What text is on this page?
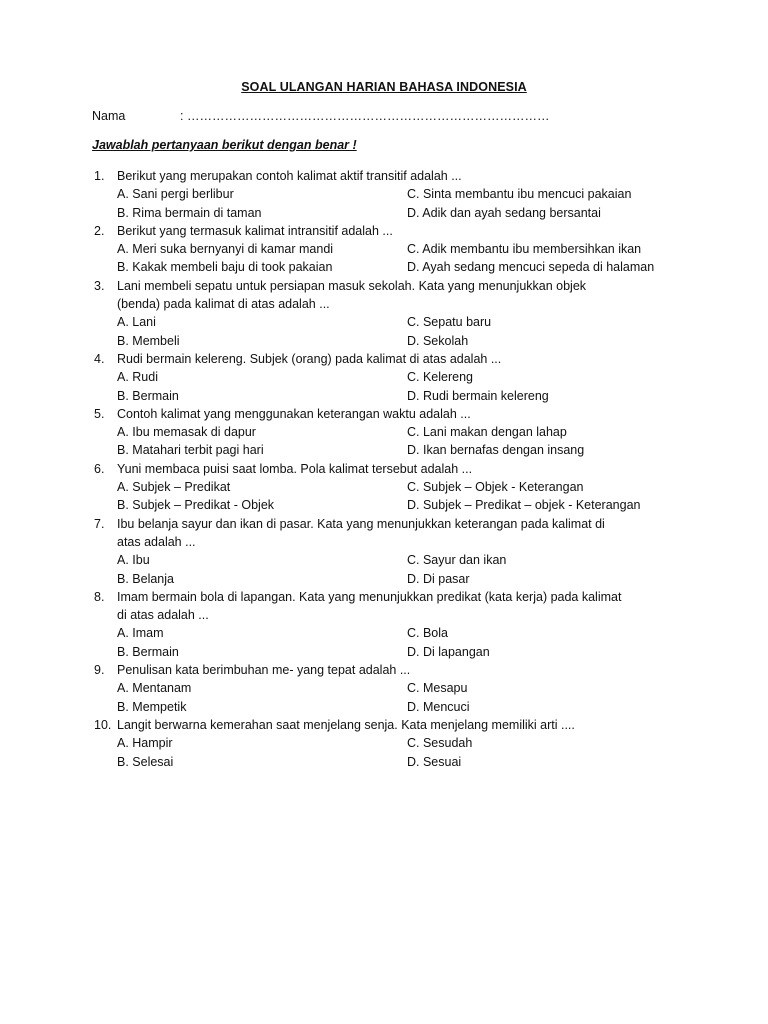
SOAL ULANGAN HARIAN BAHASA INDONESIA
Nama	: ……………………………………………………………………………
Jawablah pertanyaan berikut dengan benar !
1. Berikut yang merupakan contoh kalimat aktif transitif adalah ...
A. Sani pergi berlibur	C. Sinta membantu ibu mencuci pakaian
B. Rima bermain di taman	D. Adik dan ayah sedang bersantai
2. Berikut yang termasuk kalimat intransitif adalah ...
A. Meri suka bernyanyi di kamar mandi	C. Adik membantu ibu membersihkan ikan
B. Kakak membeli baju di took pakaian	D. Ayah sedang mencuci sepeda di halaman
3. Lani membeli sepatu untuk persiapan masuk sekolah. Kata yang menunjukkan objek
(benda) pada kalimat di atas adalah ...
A. Lani	C. Sepatu baru
B. Membeli	D. Sekolah
4. Rudi bermain kelereng. Subjek (orang) pada kalimat di atas adalah ...
A. Rudi	C. Kelereng
B. Bermain	D. Rudi bermain kelereng
5. Contoh kalimat yang menggunakan keterangan waktu adalah ...
A. Ibu memasak di dapur	C. Lani makan dengan lahap
B. Matahari terbit pagi hari	D. Ikan bernafas dengan insang
6. Yuni membaca puisi saat lomba. Pola kalimat tersebut adalah ...
A. Subjek – Predikat	C. Subjek – Objek - Keterangan
B. Subjek – Predikat - Objek	D. Subjek – Predikat – objek - Keterangan
7. Ibu belanja sayur dan ikan di pasar. Kata yang menunjukkan keterangan pada kalimat di
atas adalah ...
A. Ibu	C. Sayur dan ikan
B. Belanja	D. Di pasar
8. Imam bermain bola di lapangan. Kata yang menunjukkan predikat (kata kerja) pada kalimat
di atas adalah ...
A. Imam	C. Bola
B. Bermain	D. Di lapangan
9. Penulisan kata berimbuhan me- yang tepat adalah ...
A. Mentanam	C. Mesapu
B. Mempetik	D. Mencuci
10. Langit berwarna kemerahan saat menjelang senja. Kata menjelang memiliki arti ....
A. Hampir	C. Sesudah
B. Selesai	D. Sesuai
